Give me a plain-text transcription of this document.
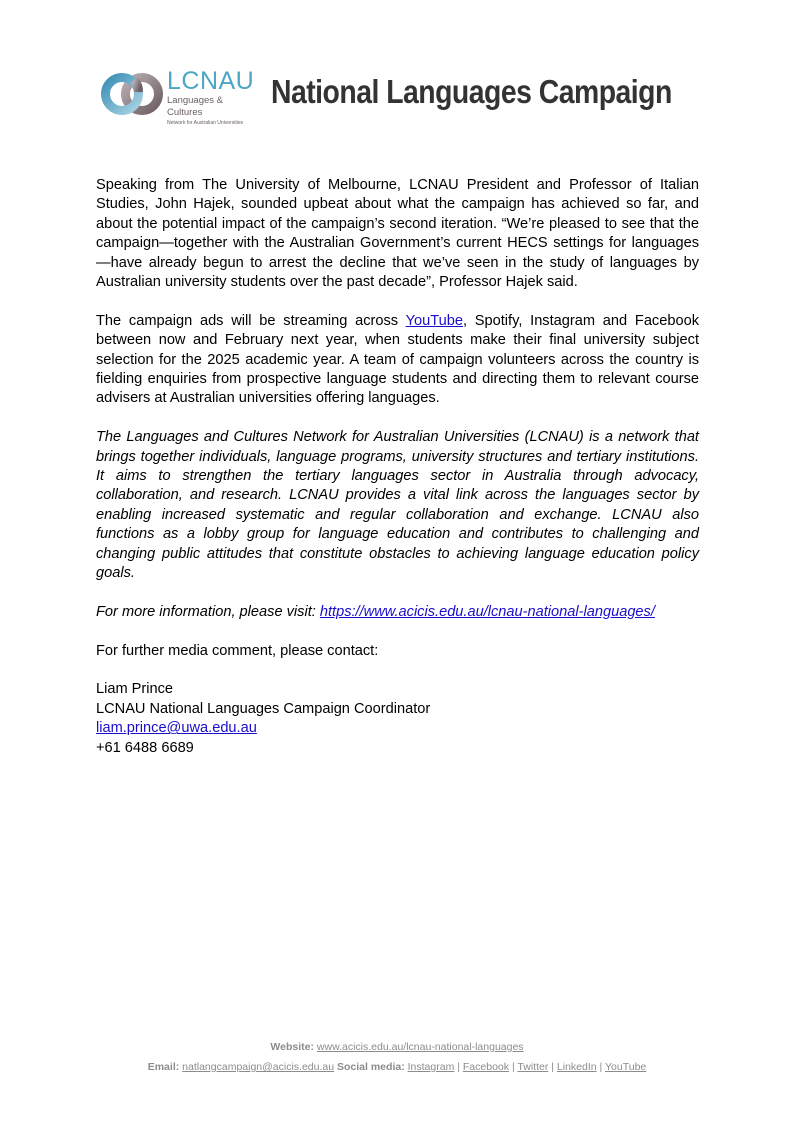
LCNAU
Languages & Cultures
Network for Australian Universities
National Languages Campaign

Speaking from The University of Melbourne, LCNAU President and Professor of Italian Studies, John Hajek, sounded upbeat about what the campaign has achieved so far, and about the potential impact of the campaign’s second iteration. “We’re pleased to see that the campaign—together with the Australian Government’s current HECS settings for languages—have already begun to arrest the decline that we’ve seen in the study of languages by Australian university students over the past decade”, Professor Hajek said.

The campaign ads will be streaming across YouTube, Spotify, Instagram and Facebook between now and February next year, when students make their final university subject selection for the 2025 academic year. A team of campaign volunteers across the country is fielding enquiries from prospective language students and directing them to relevant course advisers at Australian universities offering languages.

The Languages and Cultures Network for Australian Universities (LCNAU) is a network that brings together individuals, language programs, university structures and tertiary institutions. It aims to strengthen the tertiary languages sector in Australia through advocacy, collaboration, and research. LCNAU provides a vital link across the languages sector by enabling increased systematic and regular collaboration and exchange. LCNAU also functions as a lobby group for language education and contributes to challenging and changing public attitudes that constitute obstacles to achieving language education policy goals.

For more information, please visit: https://www.acicis.edu.au/lcnau-national-languages/

For further media comment, please contact:

Liam Prince
LCNAU National Languages Campaign Coordinator
liam.prince@uwa.edu.au
+61 6488 6689
Website: www.acicis.edu.au/lcnau-national-languages
Email: natlangcampaign@acicis.edu.au Social media: Instagram | Facebook | Twitter | LinkedIn | YouTube
